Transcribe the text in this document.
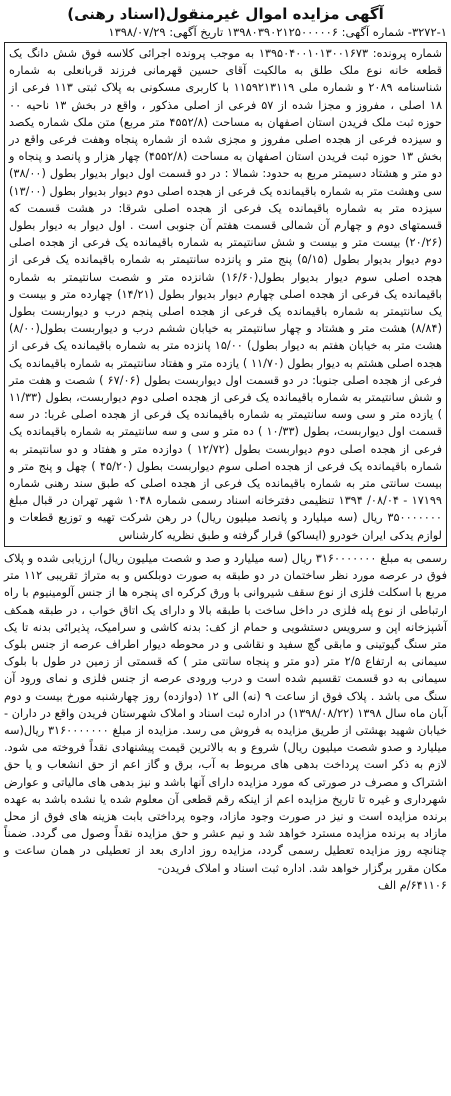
آگهی مزایده اموال غیرمنقول(اسناد رهنی)

۳۲۷۲-۱- شماره آگهی: ۱۳۹۸۰۳۹۰۲۱۲۵۰۰۰۰۰۶ تاریخ آگهی: ۱۳۹۸/۰۷/۲۹

شماره پرونده: ۱۳۹۵۰۴۰۰۱۰۱۳۰۰۱۶۷۳ به موجب پرونده اجرائی کلاسه فوق شش دانگ یک قطعه خانه نوع ملک طلق به مالکیت آقای حسین قهرمانی فرزند قربانعلی به شماره شناسنامه ۲۰۸۹ و شماره ملی ۱۱۵۹۲۱۳۱۱۹ با کاربری مسکونی به پلاک ثبتی ۱۱۳ فرعی از ۱۸ اصلی ، مفروز و مجزا شده از ۵۷ فرعی از اصلی مذکور ، واقع در بخش ۱۳ ناحیه ۰۰ حوزه ثبت ملک فریدن استان اصفهان به مساحت (۴۵۵۲/۸ متر مربع) متن ملک شماره یکصد و سیزده فرعی از هجده اصلی مفروز و مجزی شده از شماره پنجاه وهفت فرعی واقع در بخش ۱۳ حوزه ثبت فریدن استان اصفهان به مساحت (۴۵۵۲/۸) چهار هزار و پانصد و پنجاه و دو متر و هشتاد دسیمتر مربع به حدود: شمالا : در دو قسمت اول دیوار بدیوار بطول (۳۸/۰۰) سی وهشت متر به شماره باقیمانده یک فرعی از هجده اصلی دوم دیوار بدیوار بطول (۱۳/۰۰) سیزده متر به شماره باقیمانده یک فرعی از هجده اصلی شرقا: در هشت قسمت که قسمتهای دوم و چهارم آن شمالی قسمت هفتم آن جنوبی است . اول دیوار به دیوار بطول (۲۰/۲۶) بیست متر و بیست و شش سانتیمتر به شماره باقیمانده یک فرعی از هجده اصلی دوم دیوار بدیوار بطول (۵/۱۵) پنج متر و پانزده سانتیمتر به شماره باقیمانده یک فرعی از هجده اصلی سوم دیوار بدیوار بطول(۱۶/۶۰) شانزده متر و شصت سانتیمتر به شماره باقیمانده یک فرعی از هجده اصلی چهارم دیوار بدیوار بطول (۱۴/۲۱) چهارده متر و بیست و یک سانتیمتر به شماره باقیمانده یک فرعی از هجده اصلی پنجم درب و دیواربست بطول (۸/۸۴) هشت متر و هشتاد و چهار سانتیمتر به خیابان ششم درب و دیواربست بطول(۸/۰۰) هشت متر به خیابان هفتم به دیوار بطول) ۱۵/۰۰ پانزده متر به شماره باقیمانده یک فرعی از هجده اصلی هشتم به دیوار بطول (۱۱/۷۰ ) یازده متر و هفتاد سانتیمتر به شماره باقیمانده یک فرعی از هجده اصلی جنوبا: در دو قسمت اول دیواربست بطول (۶۷/۰۶ ) شصت و هفت متر و شش سانتیمتر به شماره باقیمانده یک فرعی از هجده اصلی دوم دیواربست، بطول (۱۱/۳۳ ) یازده متر و سی وسه سانتیمتر به شماره باقیمانده یک فرعی از هجده اصلی غربا: در سه قسمت اول دیواربست، بطول (۱۰/۳۳ ) ده متر و سی و سه سانتیمتر به شماره باقیمانده یک فرعی از هجده اصلی دوم دیواربست بطول (۱۲/۷۲ ) دوازده متر و هفتاد و دو سانتیمتر به شماره باقیمانده یک فرعی از هجده اصلی سوم دیواربست بطول (۴۵/۲۰ ) چهل و پنج متر و بیست سانتی متر به شماره باقیمانده یک فرعی از هجده اصلی که طبق سند رهنی شماره ۱۷۱۹۹ - ۰۸/۰۴/ ۱۳۹۴ تنظیمی دفترخانه اسناد رسمی شماره ۱۰۴۸ شهر تهران در قبال مبلغ ۳۵۰۰۰۰۰۰۰ ریال (سه میلیارد و پانصد میلیون ریال) در رهن شرکت تهیه و توزیع قطعات و لوازم یدکی ایران خودرو (ایساکو) قرار گرفته و طبق نظریه کارشناس

رسمی به مبلغ ۳۱۶۰۰۰۰۰۰۰ ریال (سه میلیارد و صد و شصت میلیون ریال) ارزیابی شده و پلاک فوق در عرصه مورد نظر ساختمان در دو طبقه به صورت دوبلکس و به متراژ تقریبی ۱۱۲ متر مربع با اسکلت فلزی از نوع سقف شیروانی با ورق کرکره ای پنجره ها از جنس آلومینیوم با راه ارتباطی از نوع پله فلزی در داخل ساخت با طبقه بالا و دارای یک اتاق خواب ، در طبقه همکف آشپزخانه اپن و سرویس دستشویی و حمام از کف: بدنه کاشی و سرامیک، پذیرائی بدنه تا یک متر سنگ گیوتینی و مابقی گچ سفید و نقاشی و در محوطه دیوار اطراف عرصه از جنس بلوک سیمانی به ارتفاع ۲/۵ متر (دو متر و پنجاه سانتی متر ) که قسمتی از زمین در طول با بلوک سیمانی به دو قسمت تقسیم شده است و درب ورودی عرصه از جنس فلزی و نمای ورود آن سنگ می باشد . پلاک فوق از ساعت ۹ (نه) الی ۱۲ (دوازده) روز چهارشنبه مورخ بیست و دوم آبان ماه سال ۱۳۹۸ (۱۳۹۸/۰۸/۲۲) در اداره ثبت اسناد و املاک شهرستان فریدن واقع در داران - خیابان شهید بهشتی از طریق مزایده به فروش می رسد. مزایده از مبلغ ۳۱۶۰۰۰۰۰۰۰ ریال(سه میلیارد و صدو شصت میلیون ریال) شروع و به بالاترین قیمت پیشنهادی نقداً فروخته می شود. لازم به ذکر است پرداخت بدهی های مربوط به آب، برق و گاز اعم از حق انشعاب و یا حق اشتراک و مصرف در صورتی که مورد مزایده دارای آنها باشد و نیز بدهی های مالیاتی و عوارض شهرداری و غیره تا تاریخ مزایده اعم از اینکه رقم قطعی آن معلوم شده یا نشده باشد به عهده برنده مزایده است و نیز در صورت وجود مازاد، وجوه پرداختی بابت هزینه های فوق از محل مازاد به برنده مزایده مسترد خواهد شد و نیم عشر و حق مزایده نقداً وصول می گردد. ضمناً چنانچه روز مزایده تعطیل رسمی گردد، مزایده روز اداری بعد از تعطیلی در همان ساعت و مکان مقرر برگزار خواهد شد. اداره ثبت اسناد و املاک فریدن-

۶۴۱۱۰۶/م الف
